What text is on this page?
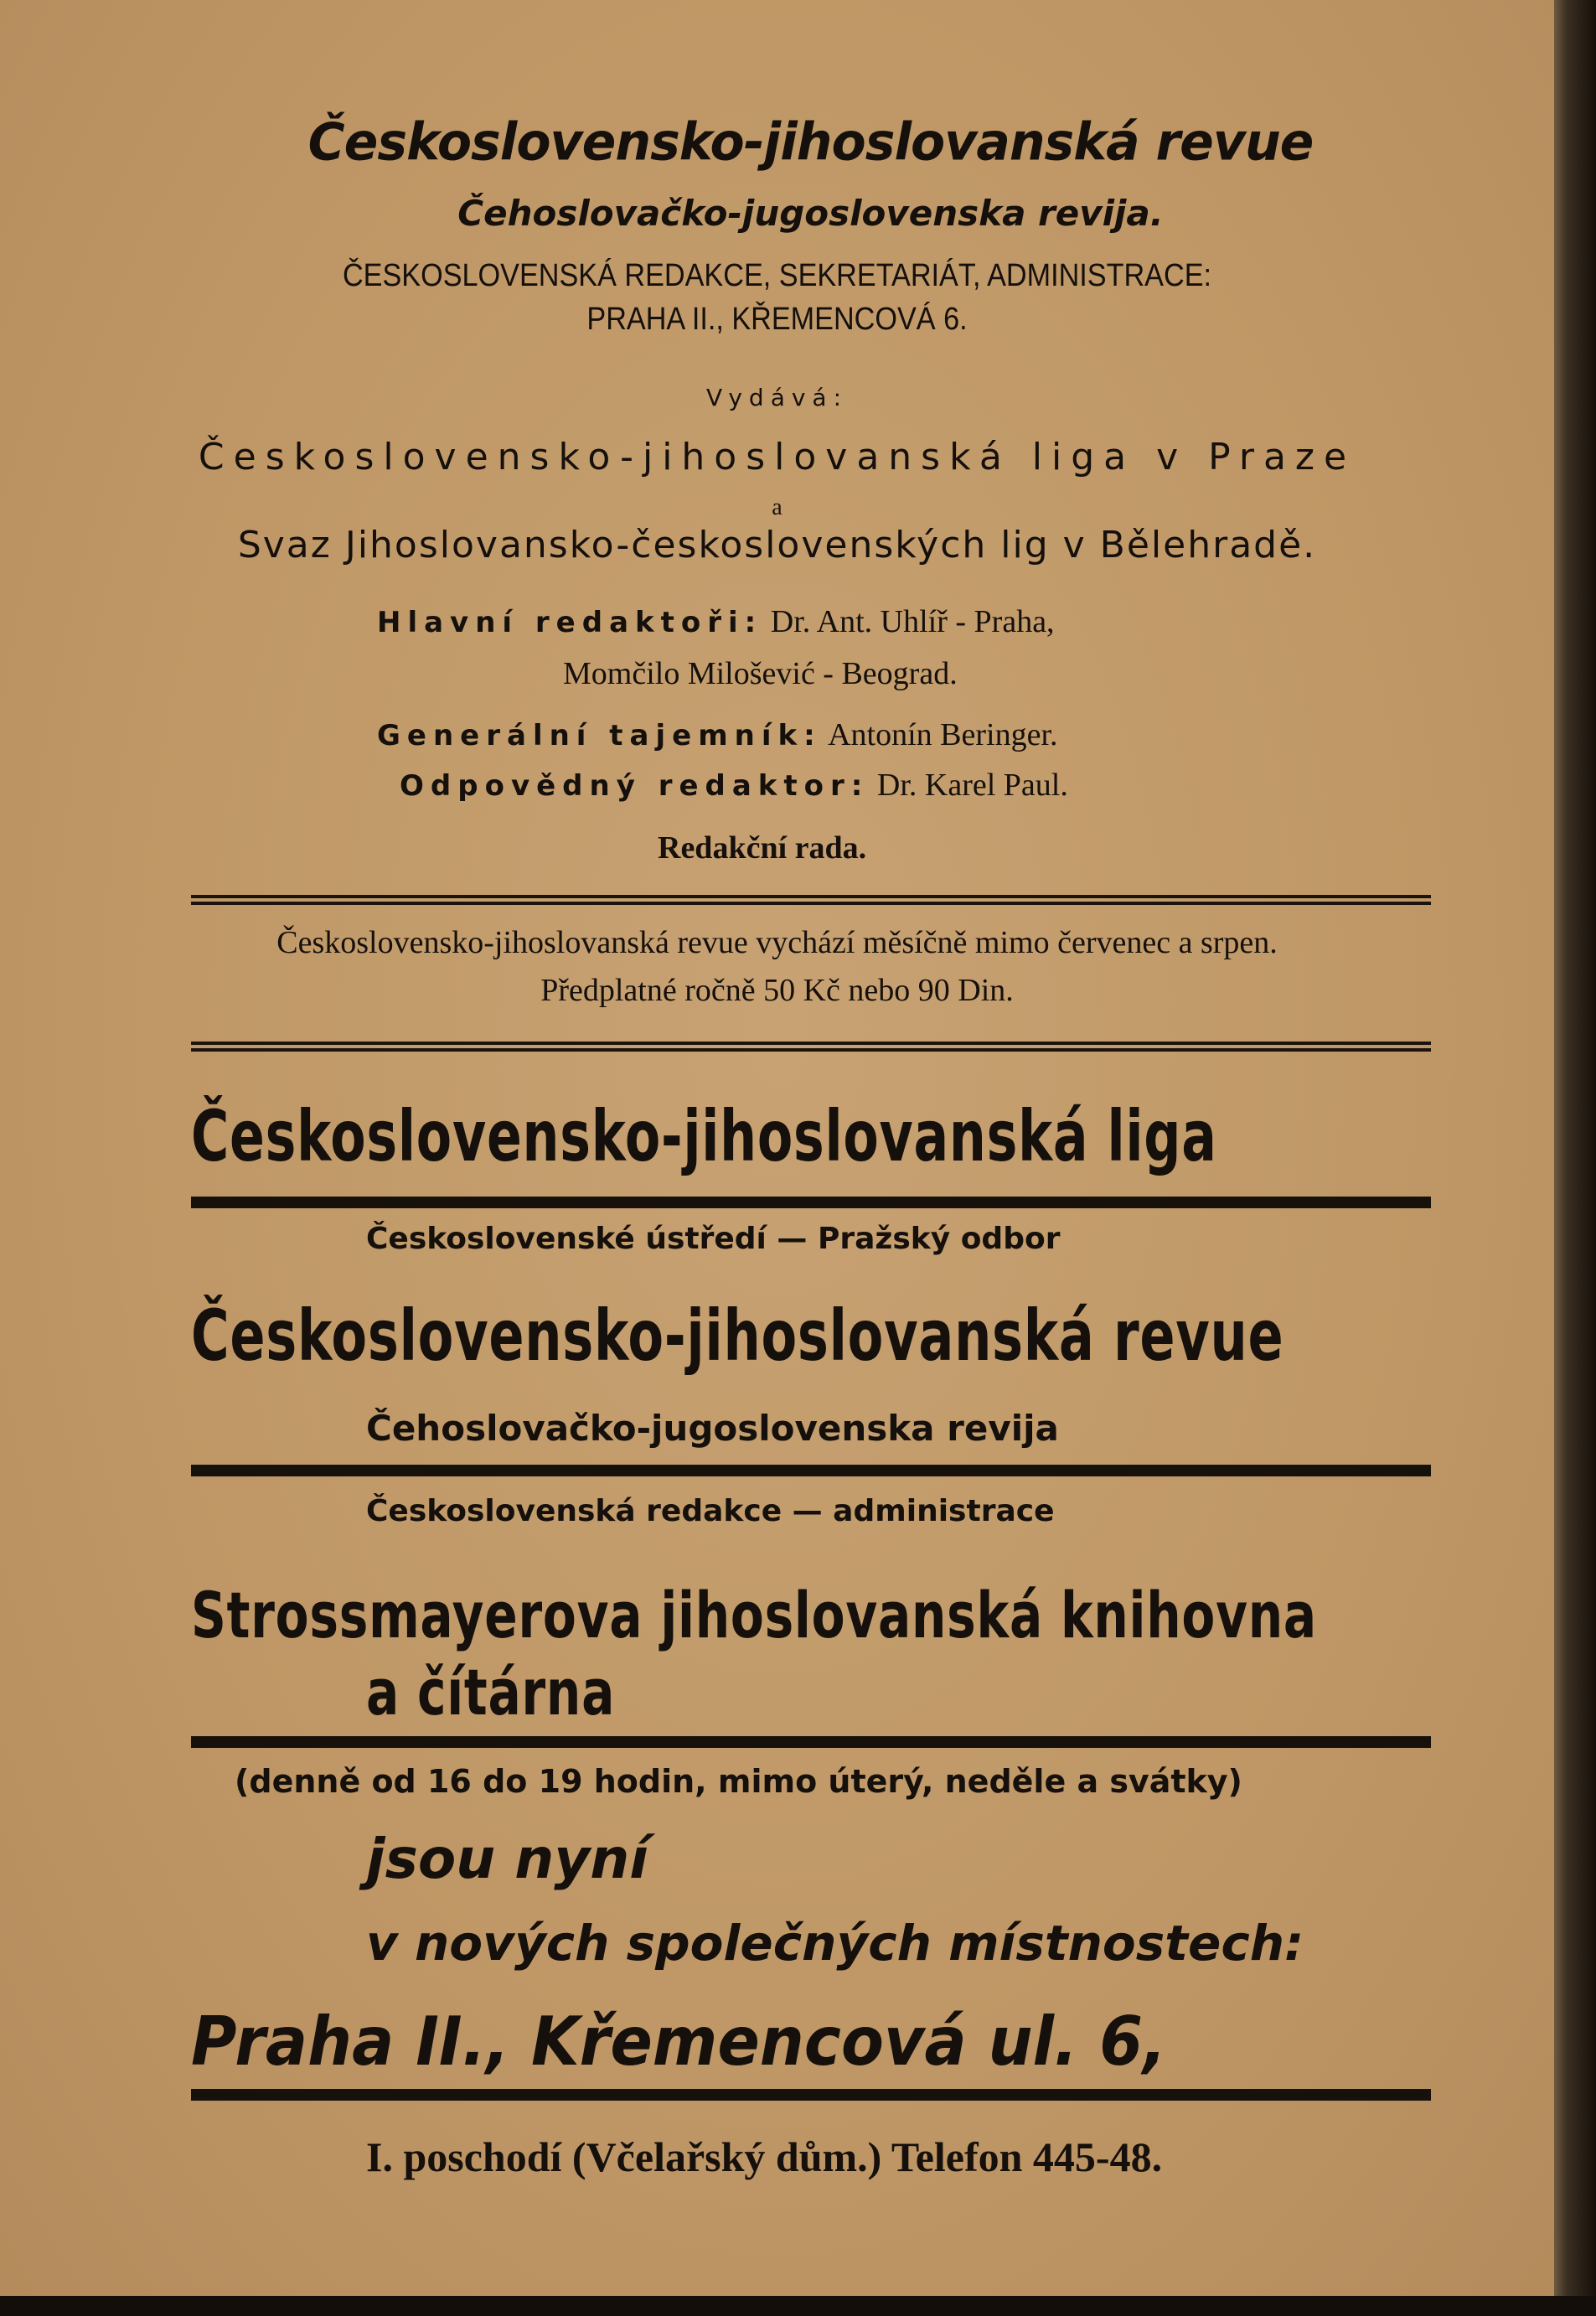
Československo-jihoslovanská revue
Čehoslovačko-jugoslovenska revija.
ČESKOSLOVENSKÁ REDAKCE, SEKRETARIÁT, ADMINISTRACE:
PRAHA II., KŘEMENCOVÁ 6.
Vydává:
Československo-jihoslovanská liga v Praze
a
Svaz Jihoslovansko-československých lig v Bělehradě.
Hlavní redaktoři: Dr. Ant. Uhlíř - Praha,
Momčilo Milošević - Beograd.
Generální tajemník: Antonín Beringer.
Odpovědný redaktor: Dr. Karel Paul.
Redakční rada.
Československo-jihoslovanská revue vychází měsíčně mimo červenec a srpen.
Předplatné ročně 50 Kč nebo 90 Din.
Československo-jihoslovanská liga
Československé ústředí — Pražský odbor
Československo-jihoslovanská revue
Čehoslovačko-jugoslovenska revija
Československá redakce — administrace
Strossmayerova jihoslovanská knihovna
a čítárna
(denně od 16 do 19 hodin, mimo úterý, neděle a svátky)
jsou nyní
v nových společných místnostech:
Praha II., Křemencová ul. 6,
I. poschodí (Včelařský dům.) Telefon 445-48.
